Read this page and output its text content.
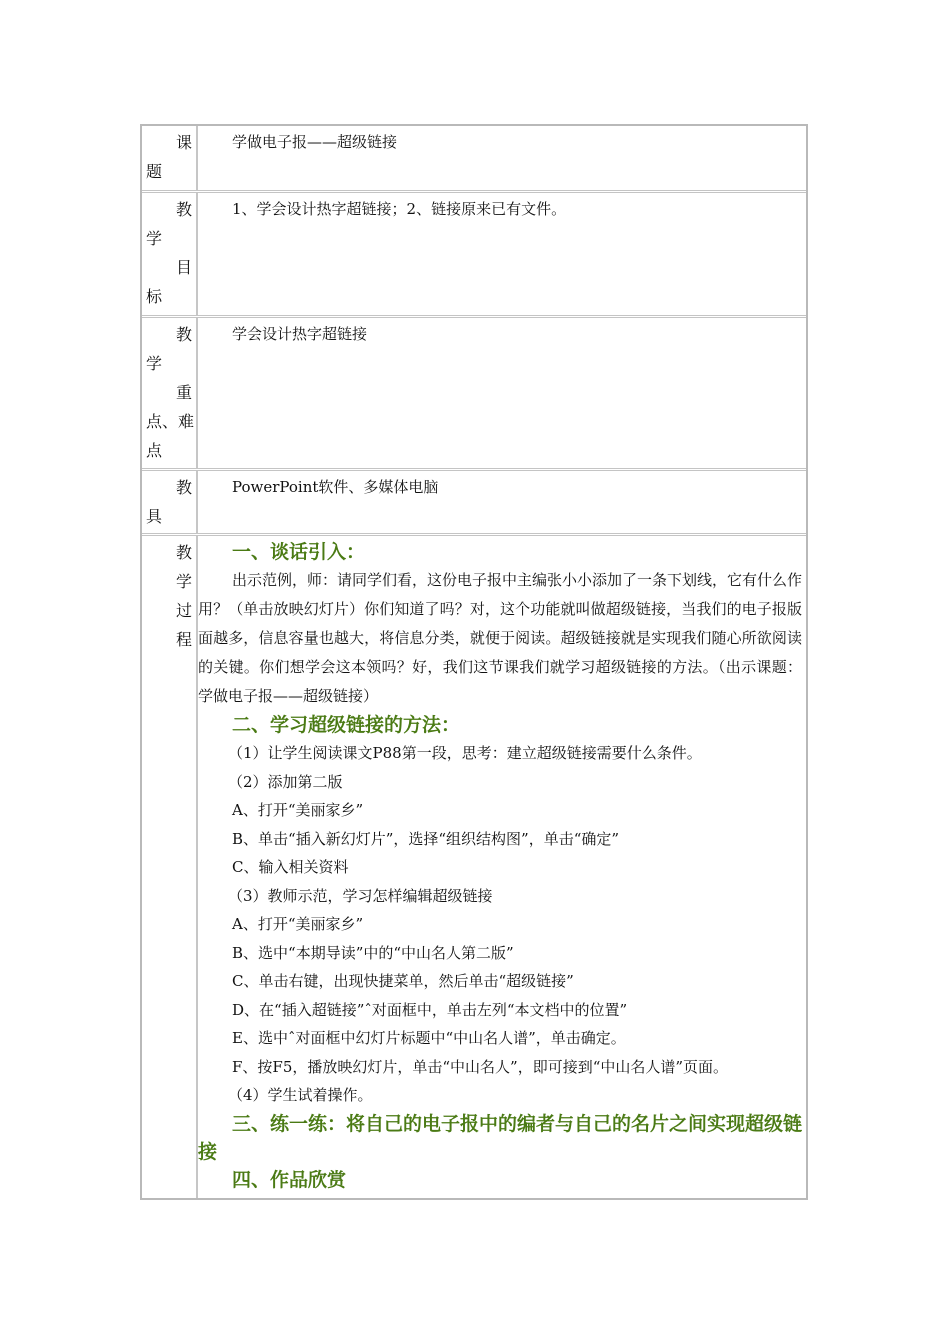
课
题
学做电子报——超级链接
教
学
目
标
1、学会设计热字超链接；2、链接原来已有文件。
教
学
重
点、难
点
学会设计热字超链接
教
具
PowerPoint软件、多媒体电脑
教
学
过
程
一、谈话引入：
出示范例，师：请同学们看，这份电子报中主编张小小添加了一条下划线，它有什么作用？（单击放映幻灯片）你们知道了吗？对，这个功能就叫做超级链接，当我们的电子报版面越多，信息容量也越大，将信息分类，就便于阅读。超级链接就是实现我们随心所欲阅读的关键。你们想学会这本领吗？好，我们这节课我们就学习超级链接的方法。（出示课题：学做电子报——超级链接）
二、学习超级链接的方法：
（1）让学生阅读课文P88第一段，思考：建立超级链接需要什么条件。
（2）添加第二版
A、打开“美丽家乡”
B、单击“插入新幻灯片”，选择“组织结构图”，单击“确定”
C、输入相关资料
（3）教师示范，学习怎样编辑超级链接
A、打开“美丽家乡”
B、选中“本期导读”中的“中山名人第二版”
C、单击右键，出现快捷菜单，然后单击“超级链接”
D、在“插入超链接”ˆ对面框中，单击左列“本文档中的位置”
E、选中ˆ对面框中幻灯片标题中“中山名人谱”，单击确定。
F、按F5，播放映幻灯片，单击“中山名人”，即可接到“中山名人谱”页面。
（4）学生试着操作。
三、练一练：将自己的电子报中的编者与自己的名片之间实现超级链接
四、作品欣赏
